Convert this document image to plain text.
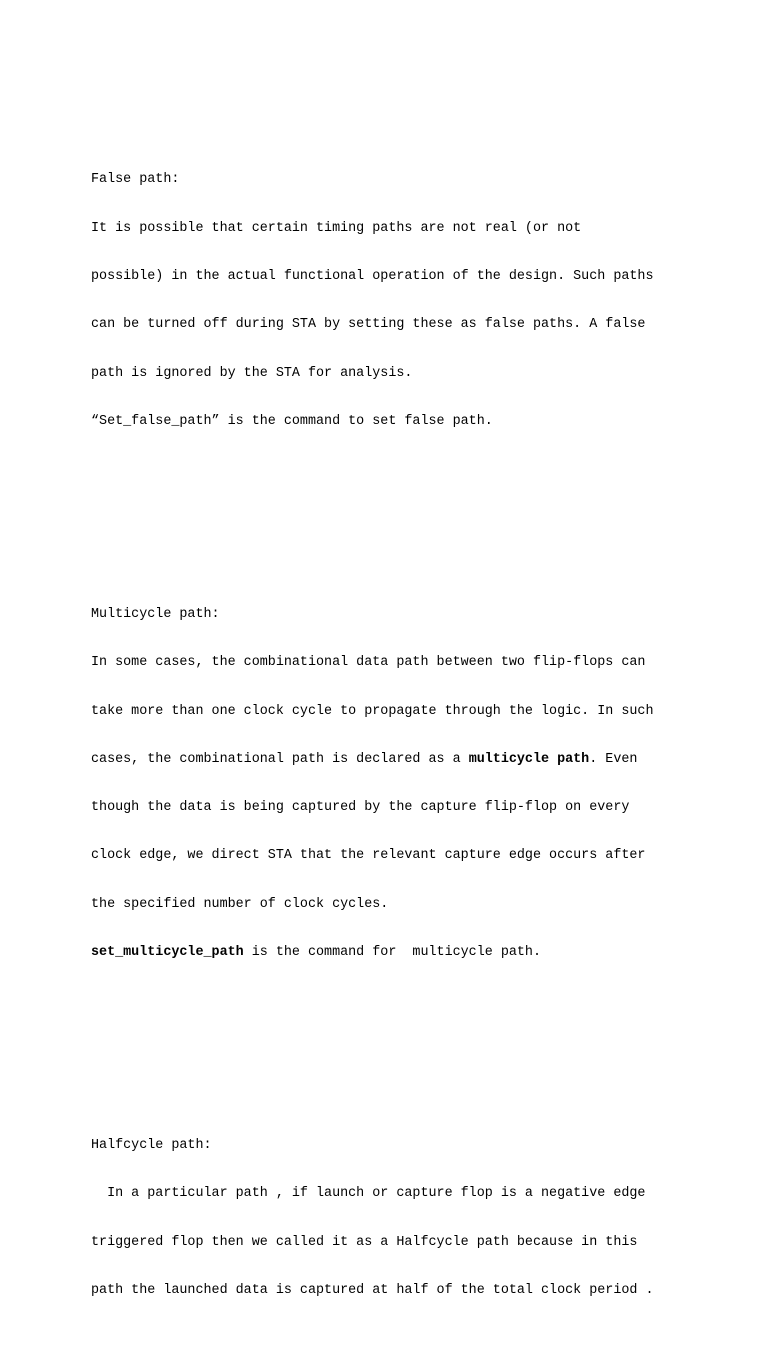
False path:

It is possible that certain timing paths are not real (or not

possible) in the actual functional operation of the design. Such paths

can be turned off during STA by setting these as false paths. A false

path is ignored by the STA for analysis.

“Set_false_path” is the command to set false path.

Multicycle path:

In some cases, the combinational data path between two flip-flops can

take more than one clock cycle to propagate through the logic. In such

cases, the combinational path is declared as a multicycle path. Even

though the data is being captured by the capture flip-flop on every

clock edge, we direct STA that the relevant capture edge occurs after

the specified number of clock cycles.

set_multicycle_path is the command for  multicycle path.

Halfcycle path:

In a particular path , if launch or capture flop is a negative edge

triggered flop then we called it as a Halfcycle path because in this

path the launched data is captured at half of the total clock period .
